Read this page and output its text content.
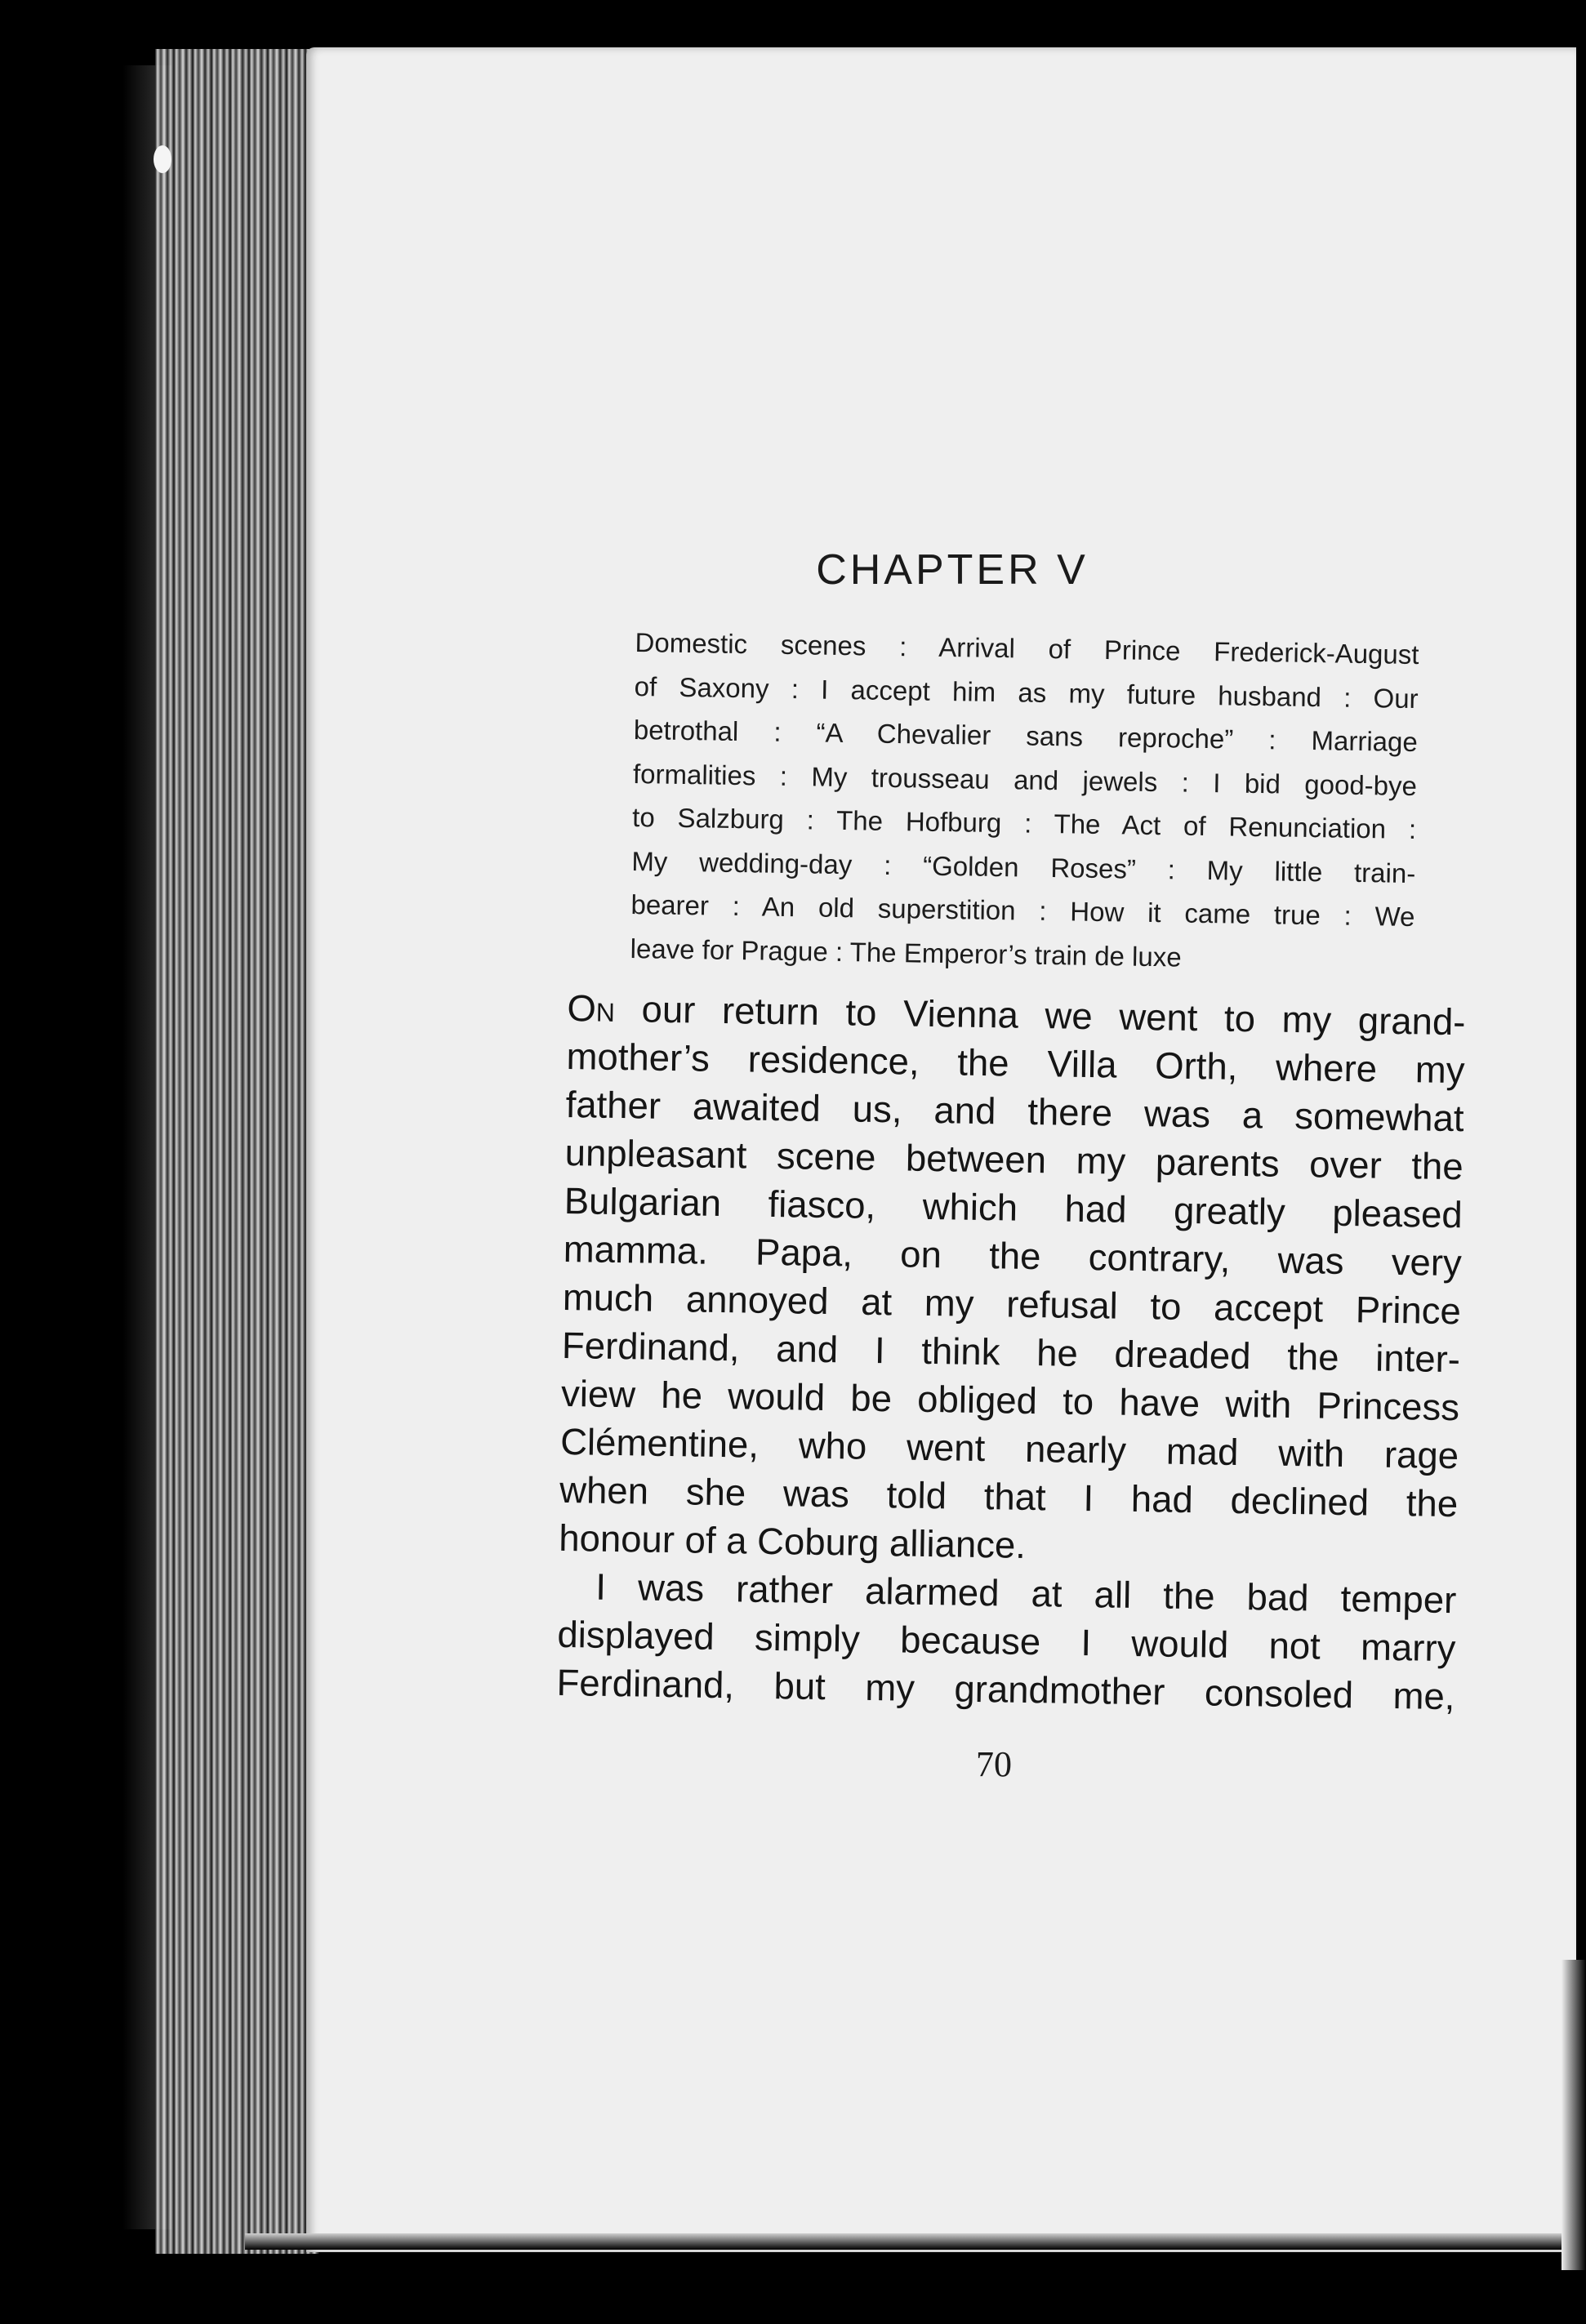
CHAPTER V
Domestic scenes : Arrival of Prince Frederick-August
of Saxony : I accept him as my future husband : Our
betrothal : “A Chevalier sans reproche” : Marriage
formalities : My trousseau and jewels : I bid good-bye
to Salzburg : The Hofburg : The Act of Renunciation :
My wedding-day : “Golden Roses” : My little train-
bearer : An old superstition : How it came true : We
leave for Prague : The Emperor’s train de luxe
On our return to Vienna we went to my grand-
mother’s residence, the Villa Orth, where my
father awaited us, and there was a somewhat
unpleasant scene between my parents over the
Bulgarian fiasco, which had greatly pleased
mamma. Papa, on the contrary, was very
much annoyed at my refusal to accept Prince
Ferdinand, and I think he dreaded the inter-
view he would be obliged to have with Princess
Clémentine, who went nearly mad with rage
when she was told that I had declined the
honour of a Coburg alliance.
I was rather alarmed at all the bad temper
displayed simply because I would not marry
Ferdinand, but my grandmother consoled me,
70
